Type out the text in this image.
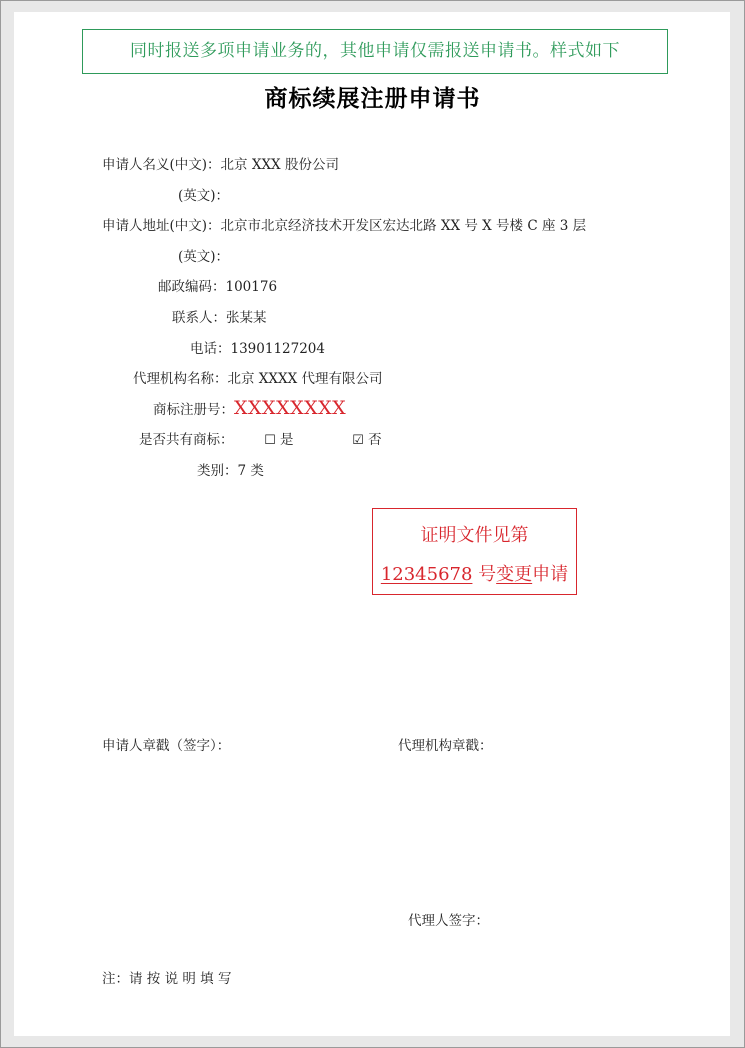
同时报送多项申请业务的，其他申请仅需报送申请书。样式如下
商标续展注册申请书
申请人名义(中文)：北京 XXX 股份公司
(英文)：
申请人地址(中文)：北京市北京经济技术开发区宏达北路 XX 号 X 号楼 C 座 3 层
(英文)：
邮政编码：100176
联系人：张某某
电话：13901127204
代理机构名称：北京 XXXX 代理有限公司
商标注册号：XXXXXXXX
是否共有商标： ☐ 是	☑ 否
类别：7 类
证明文件见第
12345678 号变更申请
申请人章戳（签字）：	代理机构章戳：
代理人签字：
注：请 按 说 明 填 写
